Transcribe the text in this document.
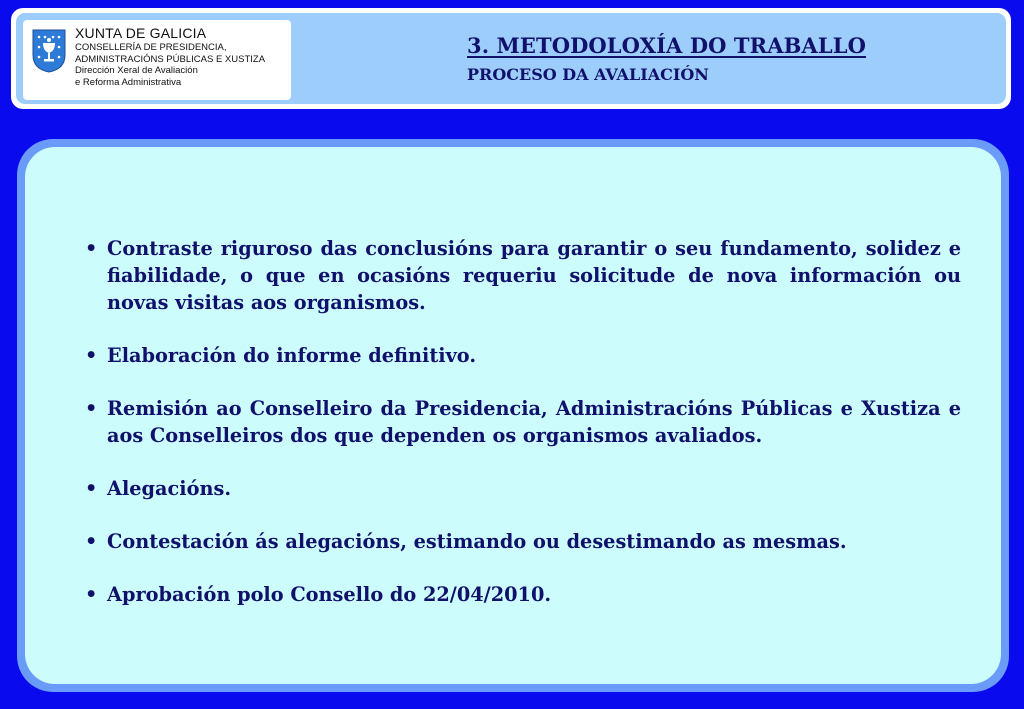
XUNTA DE GALICIA
CONSELLERÍA DE PRESIDENCIA,
ADMINISTRACIÓNS PÚBLICAS E XUSTIZA
Dirección Xeral de Avaliación
e Reforma Administrativa
3. METODOLOXÍA DO TRABALLO
PROCESO DA AVALIACIÓN
• Contraste riguroso das conclusións para garantir o seu fundamento, solidez e fiabilidade, o que en ocasións requeriu solicitude de nova información ou novas visitas aos organismos.
• Elaboración do informe definitivo.
• Remisión ao Conselleiro da Presidencia, Administracións Públicas e Xustiza e aos Conselleiros dos que dependen os organismos avaliados.
• Alegacións.
• Contestación ás alegacións, estimando ou desestimando as mesmas.
• Aprobación polo Consello do 22/04/2010.
